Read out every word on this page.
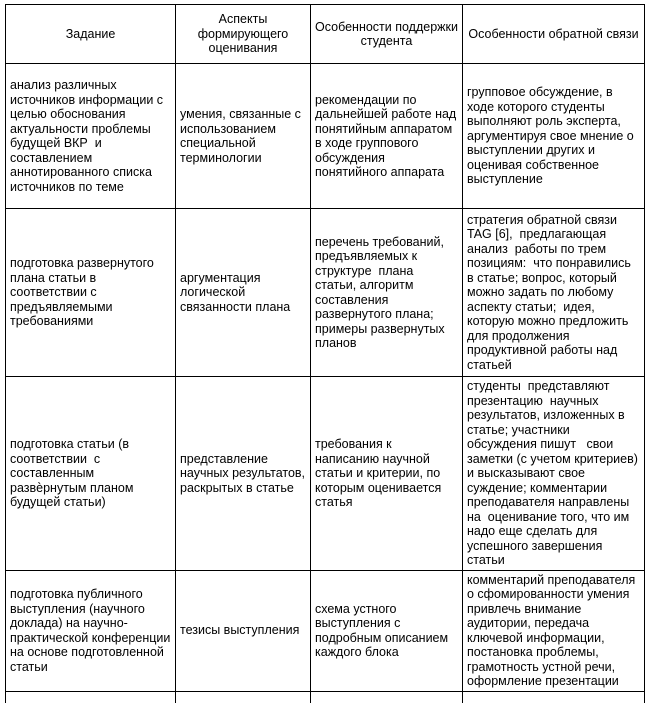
Задание	Аспекты формирующего оценивания	Особенности поддержки студента	Особенности обратной связи
анализ различных источников информации с целью обоснования актуальности проблемы будущей ВКР  и составлением аннотированного списка источников по теме	умения, связанные с использованием специальной терминологии	рекомендации по дальнейшей работе над понятийным аппаратом в ходе группового обсуждения понятийного аппарата	групповое обсуждение, в ходе которого студенты выполняют роль эксперта, аргументируя свое мнение о выступлении других и оценивая собственное выступление
подготовка развернутого плана статьи в соответствии с предъявляемыми требованиями	аргументация логической связанности плана	перечень требований, предъявляемых к структуре  плана статьи, алгоритм составления развернутого плана; примеры развернутых планов	стратегия обратной связи TAG [6],  предлагающая анализ  работы по трем позициям:  что понравились в статье; вопрос, который можно задать по любому аспекту статьи;  идея, которую можно предложить для продолжения продуктивной работы над статьей
подготовка статьи (в соответствии  с составленным развѐрнутым планом будущей статьи)	представление научных результатов, раскрытых в статье	требования к написанию научной статьи и критерии, по которым оценивается статья	студенты  представляют презентацию  научных результатов, изложенных в статье; участники обсуждения пишут   свои заметки (с учетом критериев) и высказывают свое суждение; комментарии преподавателя направлены  на  оценивание того, что им надо еще сделать для успешного завершения статьи
подготовка публичного выступления (научного доклада) на научно-практической конференции на основе подготовленной статьи	тезисы выступления	схема устного выступления с подробным описанием каждого блока	комментарий преподавателя о сфомированности умения привлечь внимание аудитории, передача ключевой информации, постановка проблемы, грамотность устной речи, оформление презентации
